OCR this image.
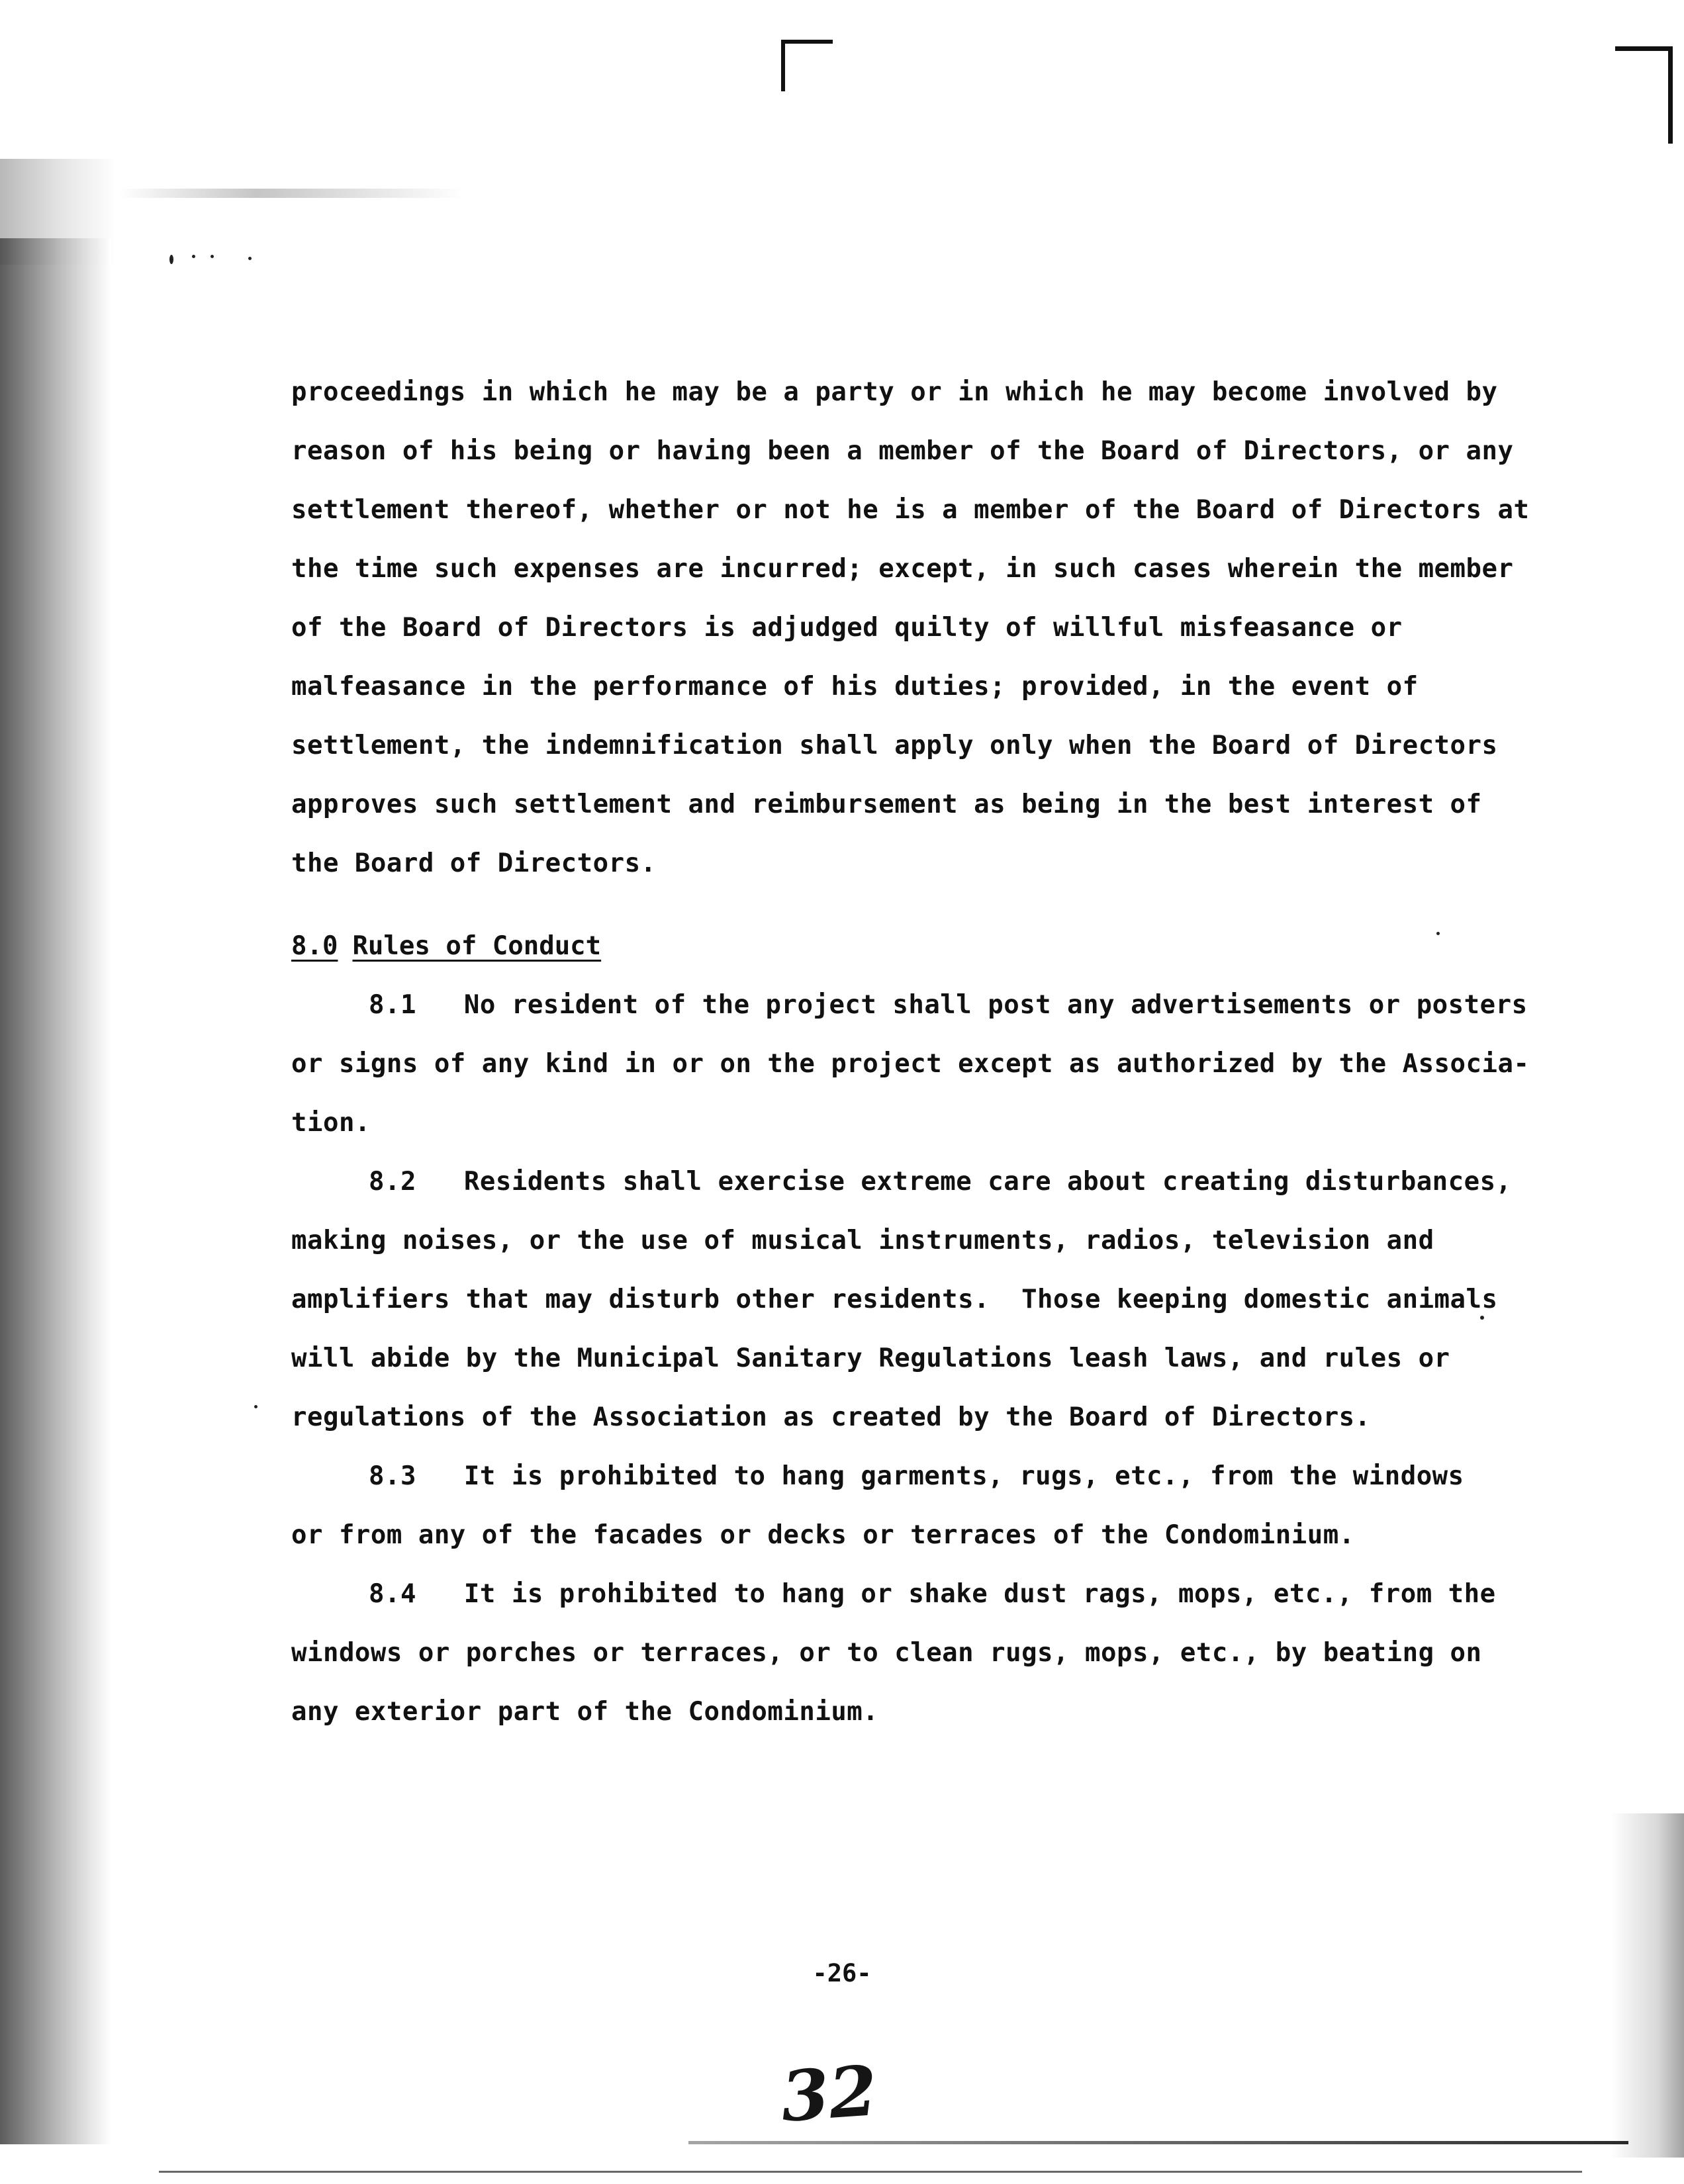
proceedings in which he may be a party or in which he may become involved by
reason of his being or having been a member of the Board of Directors, or any
settlement thereof, whether or not he is a member of the Board of Directors at
the time such expenses are incurred; except, in such cases wherein the member
of the Board of Directors is adjudged quilty of willful misfeasance or
malfeasance in the performance of his duties; provided, in the event of
settlement, the indemnification shall apply only when the Board of Directors
approves such settlement and reimbursement as being in the best interest of
the Board of Directors.
8.0 Rules of Conduct
8.1 No resident of the project shall post any advertisements or posters
or signs of any kind in or on the project except as authorized by the Associa-
tion.
8.2 Residents shall exercise extreme care about creating disturbances,
making noises, or the use of musical instruments, radios, television and
amplifiers that may disturb other residents.  Those keeping domestic animals
will abide by the Municipal Sanitary Regulations leash laws, and rules or
regulations of the Association as created by the Board of Directors.
8.3 It is prohibited to hang garments, rugs, etc., from the windows
or from any of the facades or decks or terraces of the Condominium.
8.4 It is prohibited to hang or shake dust rags, mops, etc., from the
windows or porches or terraces, or to clean rugs, mops, etc., by beating on
any exterior part of the Condominium.
-26-
32
